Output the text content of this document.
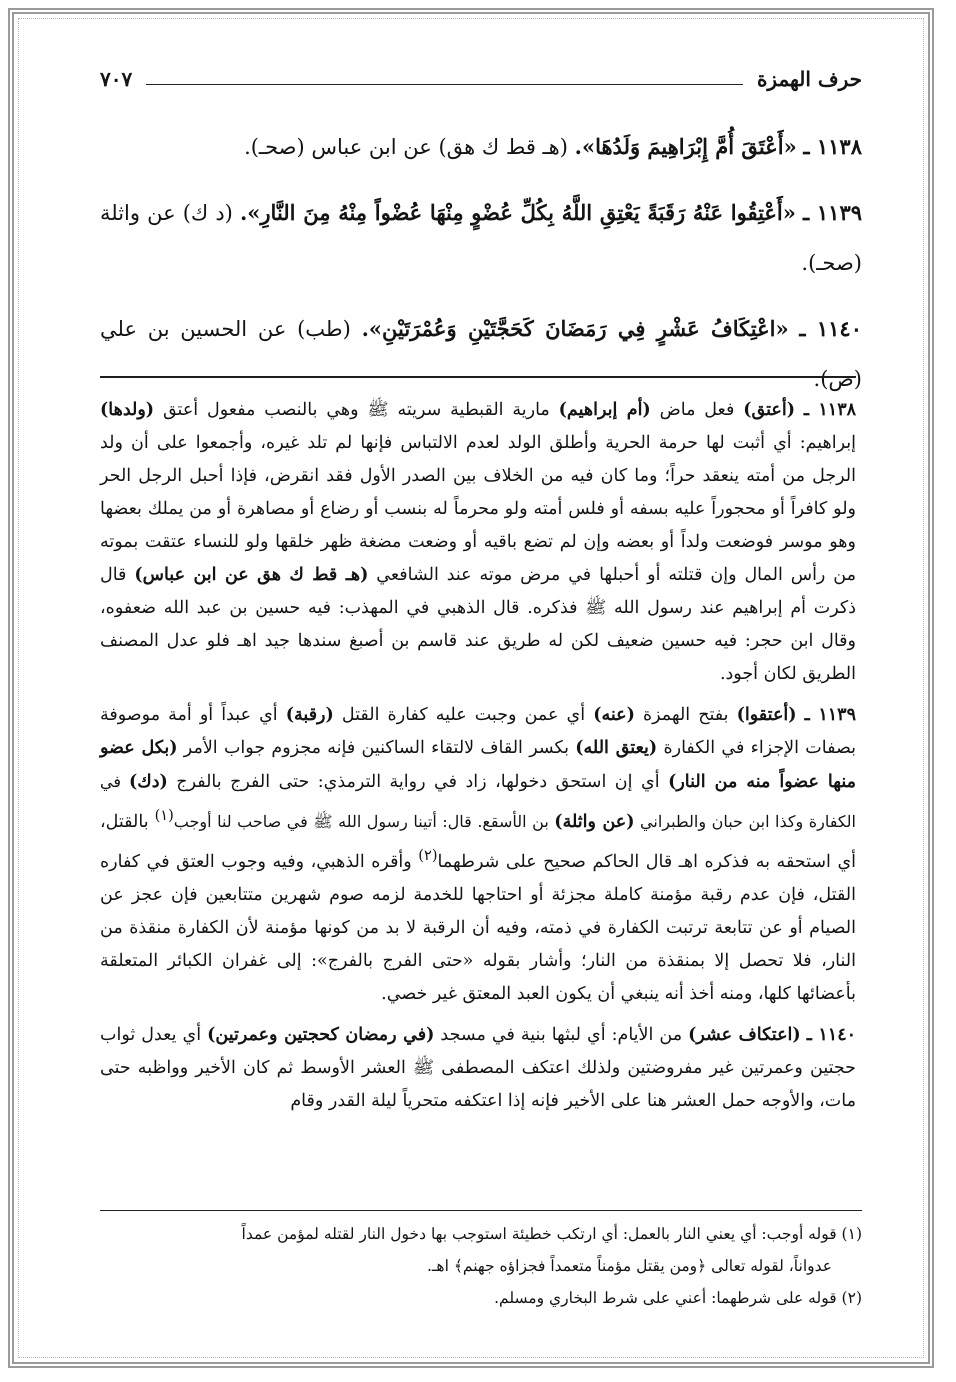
حرف الهمزة
٧٠٧

١١٣٨ ـ «أَعْتَقَ أُمَّ إِبْرَاهِيمَ وَلَدُهَا». (هـ قط ك هق) عن ابن عباس (صحـ).

١١٣٩ ـ «أَعْتِقُوا عَنْهُ رَقَبَةً يَعْتِقِ اللَّهُ بِكُلِّ عُضْوٍ مِنْهَا عُضْواً مِنْهُ مِنَ النَّارِ». (د ك) عن واثلة (صحـ).

١١٤٠ ـ «اعْتِكَافُ عَشْرٍ فِي رَمَضَانَ كَحَجَّتَيْنِ وَعُمْرَتَيْنِ». (طب) عن الحسين بن علي (ض).

١١٣٨ ـ (أعتق) فعل ماض (أم إبراهيم) مارية القبطية سريته ﷺ وهي بالنصب مفعول أعتق (ولدها) إبراهيم: أي أثبت لها حرمة الحرية وأطلق الولد لعدم الالتباس فإنها لم تلد غيره، وأجمعوا على أن ولد الرجل من أمته ينعقد حراً؛ وما كان فيه من الخلاف بين الصدر الأول فقد انقرض، فإذا أحبل الرجل الحر ولو كافراً أو محجوراً عليه بسفه أو فلس أمته ولو محرماً له بنسب أو رضاع أو مصاهرة أو من يملك بعضها وهو موسر فوضعت ولداً أو بعضه وإن لم تضع باقيه أو وضعت مضغة ظهر خلقها ولو للنساء عتقت بموته من رأس المال وإن قتلته أو أحبلها في مرض موته عند الشافعي (هـ قط ك هق عن ابن عباس) قال ذكرت أم إبراهيم عند رسول الله ﷺ فذكره. قال الذهبي في المهذب: فيه حسين بن عبد الله ضعفوه، وقال ابن حجر: فيه حسين ضعيف لكن له طريق عند قاسم بن أصبغ سندها جيد اهـ فلو عدل المصنف الطريق لكان أجود.

١١٣٩ ـ (أعتقوا) بفتح الهمزة (عنه) أي عمن وجبت عليه كفارة القتل (رقبة) أي عبداً أو أمة موصوفة بصفات الإجزاء في الكفارة (يعتق الله) بكسر القاف لالتقاء الساكنين فإنه مجزوم جواب الأمر (بكل عضو منها عضواً منه من النار) أي إن استحق دخولها، زاد في رواية الترمذي: حتى الفرج بالفرج (دك) في الكفارة وكذا ابن حبان والطبراني (عن واثلة) بن الأسقع. قال: أتينا رسول الله ﷺ في صاحب لنا أوجب$^{(١)}$ بالقتل، أي استحقه به فذكره اهـ قال الحاكم صحيح على شرطهما$^{(٢)}$ وأقره الذهبي، وفيه وجوب العتق في كفاره القتل، فإن عدم رقبة مؤمنة كاملة مجزئة أو احتاجها للخدمة لزمه صوم شهرين متتابعين فإن عجز عن الصيام أو عن تتابعة ترتبت الكفارة في ذمته، وفيه أن الرقبة لا بد من كونها مؤمنة لأن الكفارة منقذة من النار، فلا تحصل إلا بمنقذة من النار؛ وأشار بقوله «حتى الفرج بالفرج»: إلى غفران الكبائر المتعلقة بأعضائها كلها، ومنه أخذ أنه ينبغي أن يكون العبد المعتق غير خصي.

١١٤٠ ـ (اعتكاف عشر) من الأيام: أي لبثها بنية في مسجد (في رمضان كحجتين وعمرتين) أي يعدل ثواب حجتين وعمرتين غير مفروضتين ولذلك اعتكف المصطفى ﷺ العشر الأوسط ثم كان الأخير وواظبه حتى مات، والأوجه حمل العشر هنا على الأخير فإنه إذا اعتكفه متحرياً ليلة القدر وقام

(١) قوله أوجب: أي يعني النار بالعمل: أي ارتكب خطيئة استوجب بها دخول النار لقتله لمؤمن عمداً

عدواناً، لقوله تعالى ﴿ومن يقتل مؤمناً متعمداً فجزاؤه جهنم﴾ اهـ.

(٢) قوله على شرطهما: أعني على شرط البخاري ومسلم.
